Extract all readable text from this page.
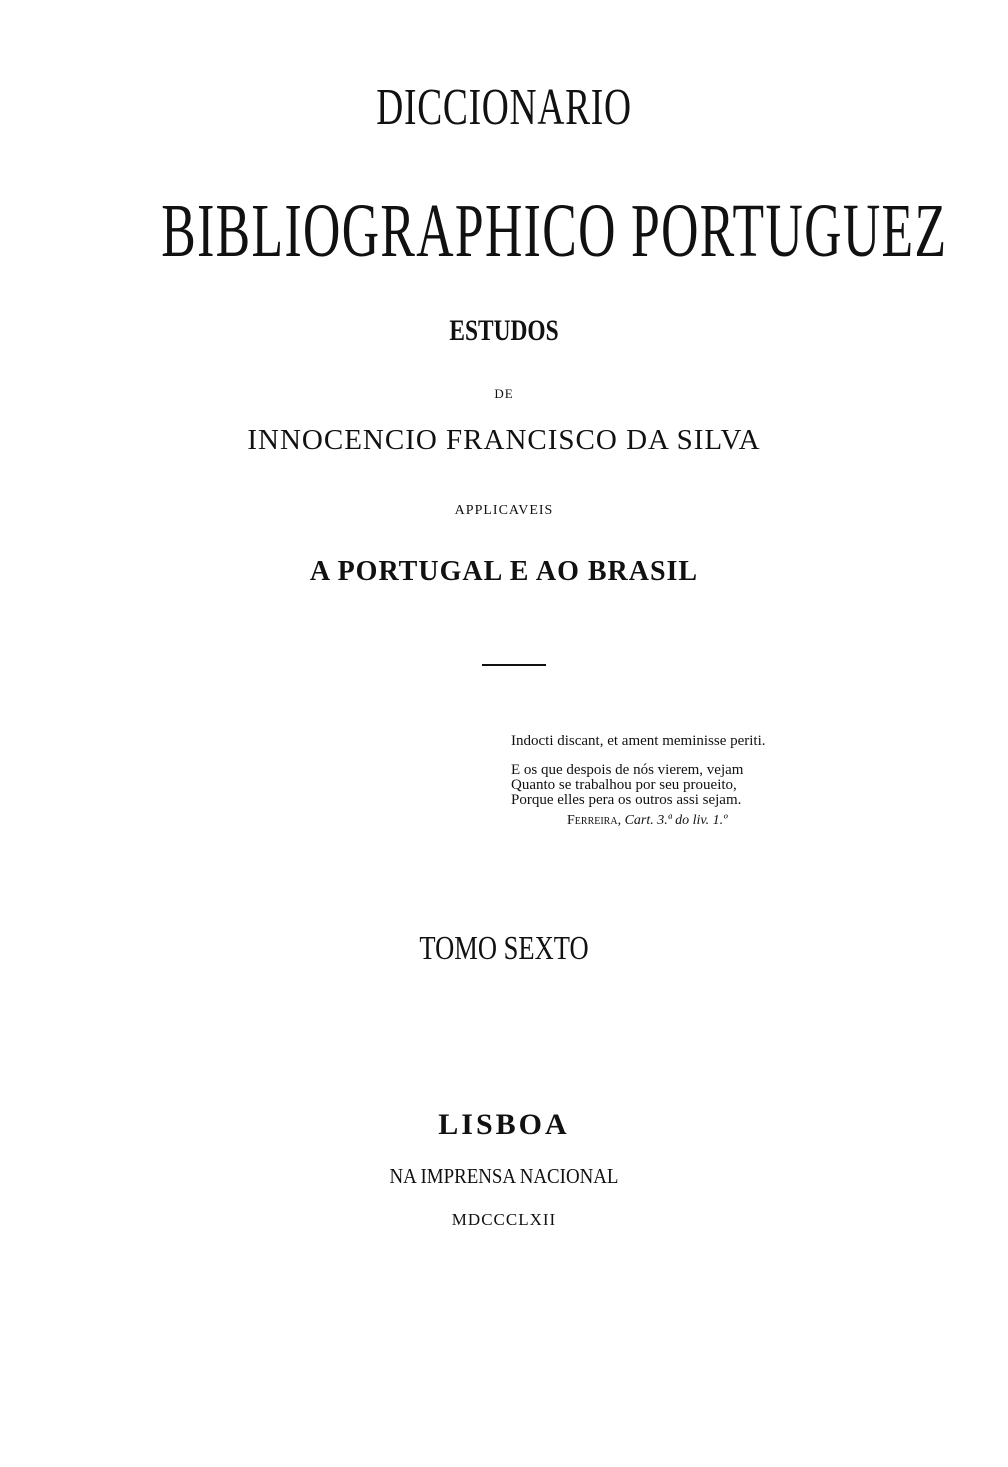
DICCIONARIO
BIBLIOGRAPHICO PORTUGUEZ
ESTUDOS
DE
INNOCENCIO FRANCISCO DA SILVA
APPLICAVEIS
A PORTUGAL E AO BRASIL
Indocti discant, et ament meminisse periti.
E os que despois de nós vierem, vejam
Quanto se trabalhou por seu proueito,
Porque elles pera os outros assi sejam.
Ferreira, Cart. 3.ª do liv. 1.º
TOMO SEXTO
LISBOA
NA IMPRENSA NACIONAL
MDCCCLXII
